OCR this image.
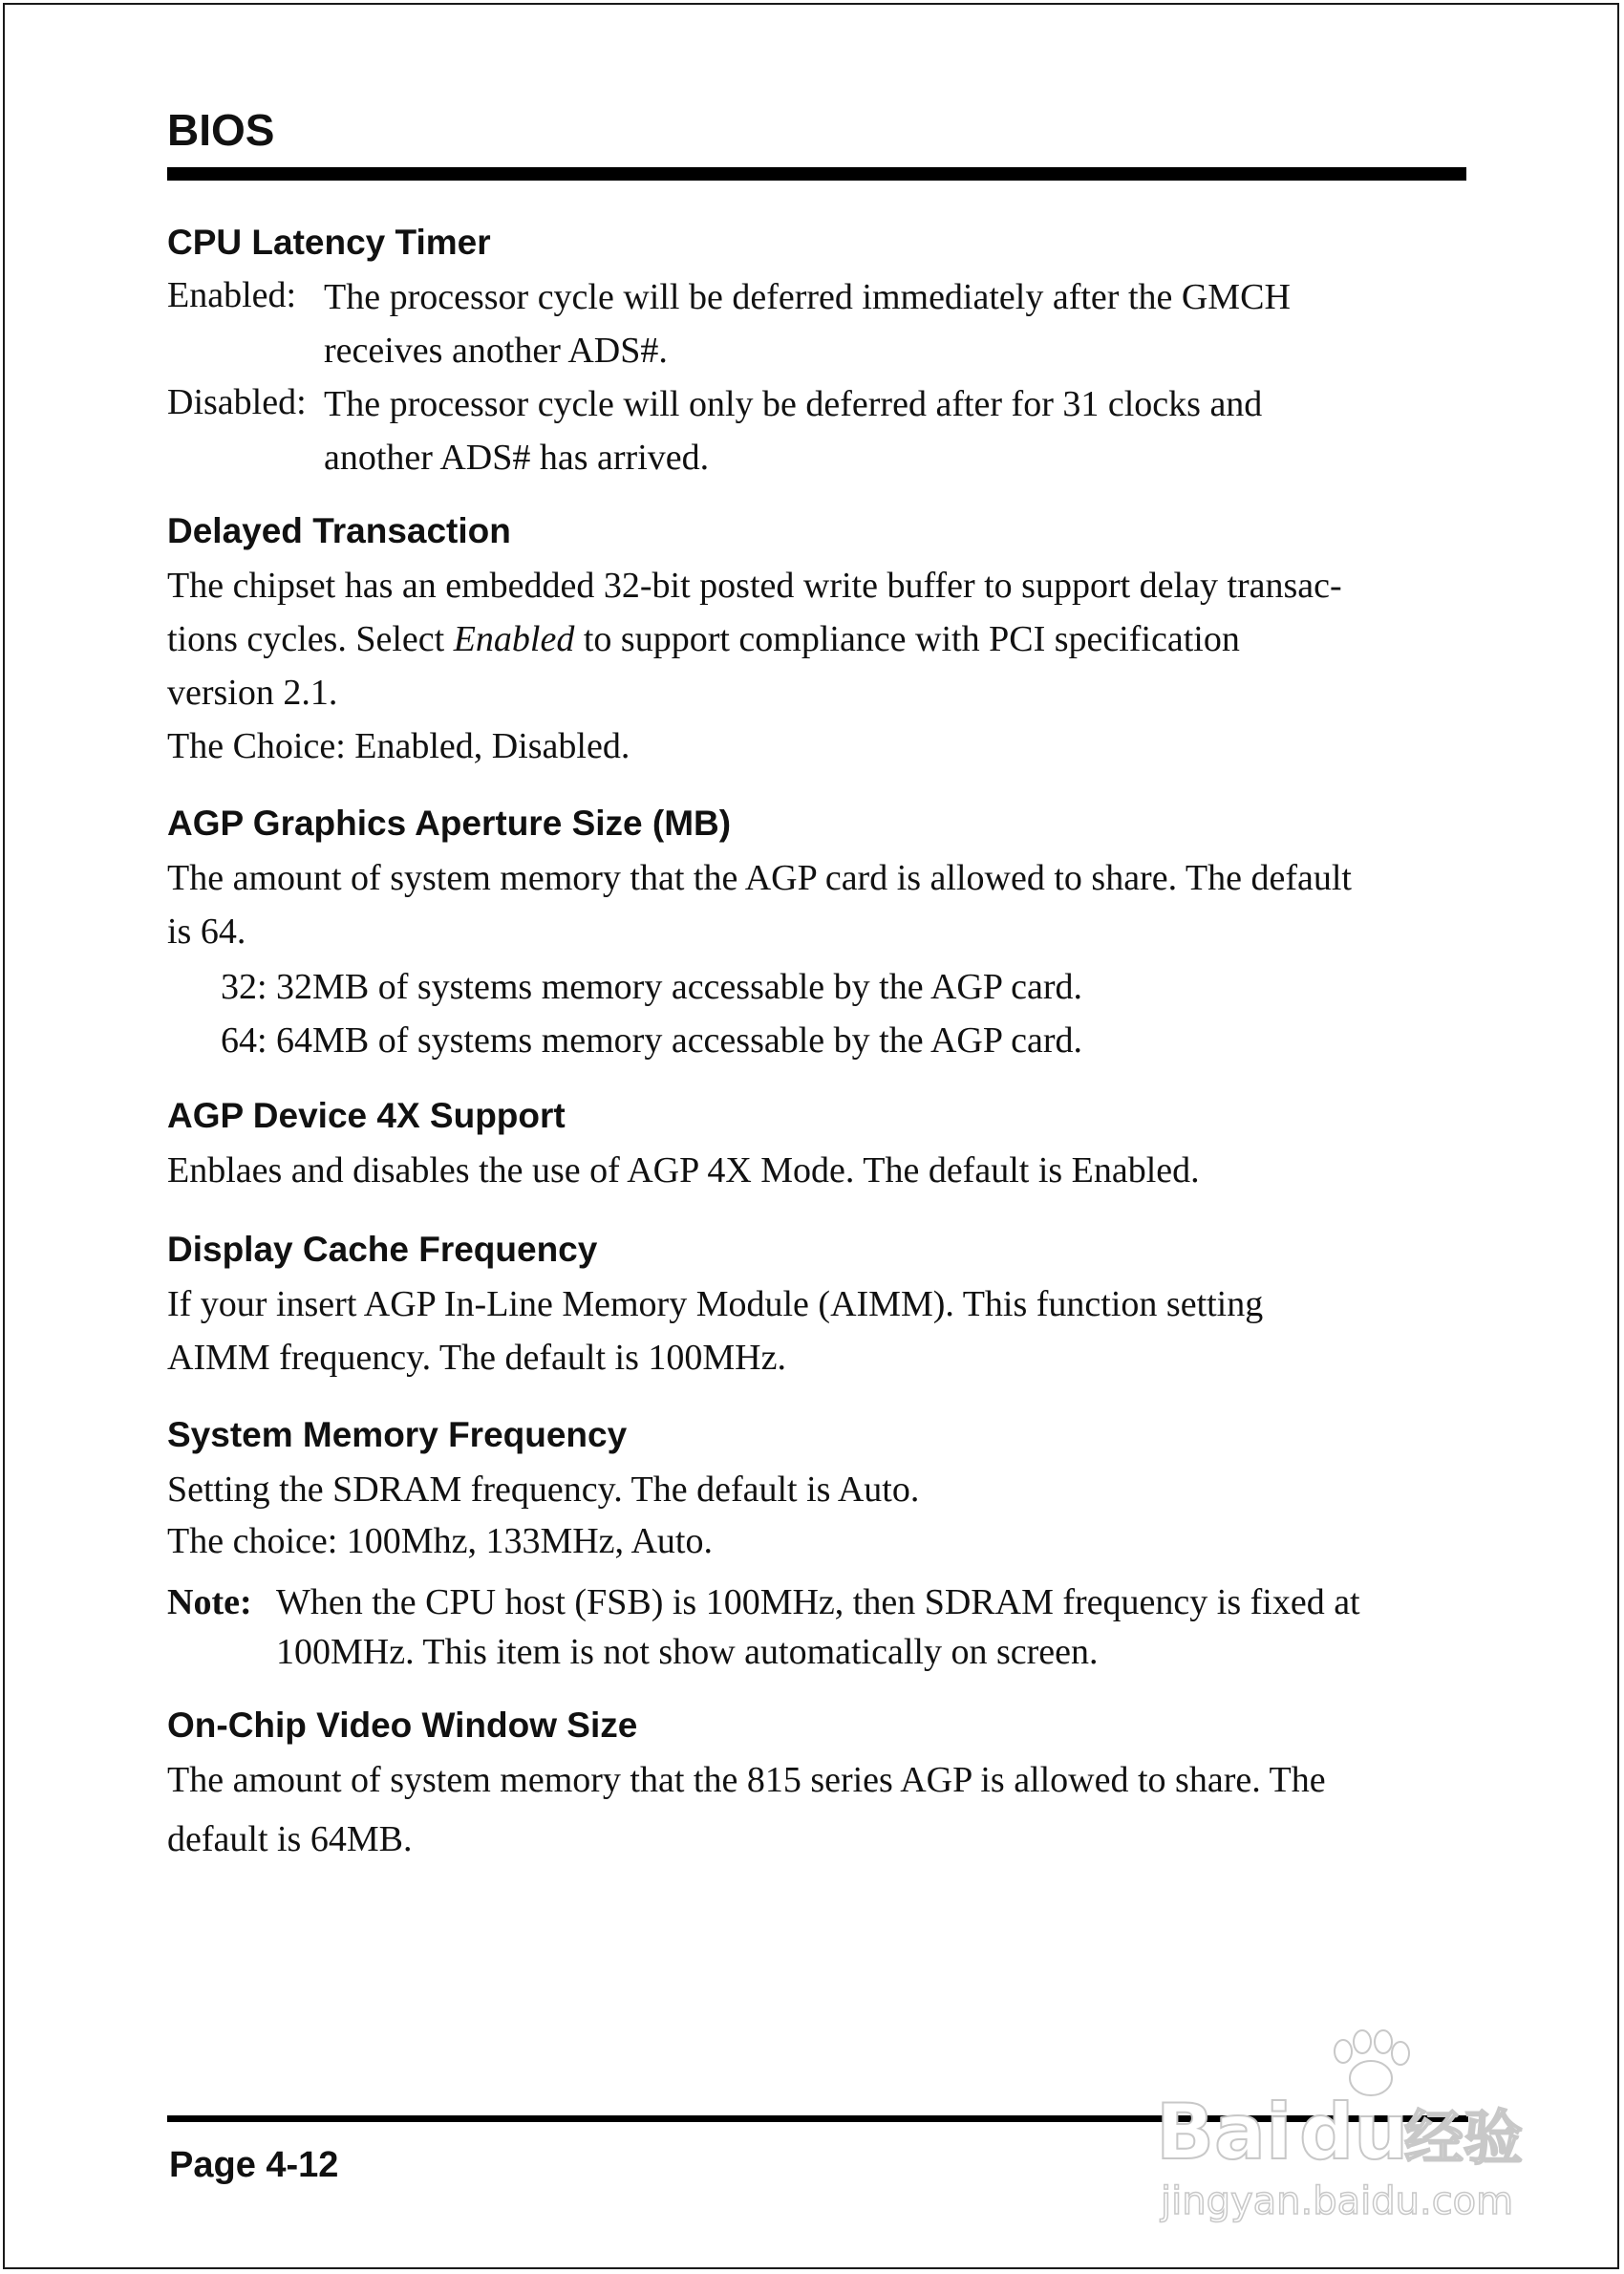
BIOS
CPU Latency Timer
Enabled: The processor cycle will be deferred immediately after the GMCH
receives another ADS#.
Disabled: The processor cycle will only be deferred after for 31 clocks and
another ADS# has arrived.
Delayed Transaction
The chipset has an embedded 32-bit posted write buffer to support delay transac-
tions cycles. Select Enabled to support compliance with PCI specification
version 2.1.
The Choice: Enabled, Disabled.
AGP Graphics Aperture Size (MB)
The amount of system memory that the AGP card is allowed to share. The default
is 64.
32: 32MB of systems memory accessable by the AGP card.
64: 64MB of systems memory accessable by the AGP card.
AGP Device 4X Support
Enblaes and disables the use of AGP 4X Mode. The default is Enabled.
Display Cache Frequency
If your insert AGP In-Line Memory Module (AIMM). This function setting
AIMM frequency. The default is 100MHz.
System Memory Frequency
Setting the SDRAM frequency. The default is Auto.
The choice: 100Mhz, 133MHz, Auto.
Note: When the CPU host (FSB) is 100MHz, then SDRAM frequency is fixed at
100MHz. This item is not show automatically on screen.
On-Chip Video Window Size
The amount of system memory that the 815 series AGP is allowed to share. The
default is 64MB.
Page 4-12	Bai du
经验
jingyan.baidu.com
